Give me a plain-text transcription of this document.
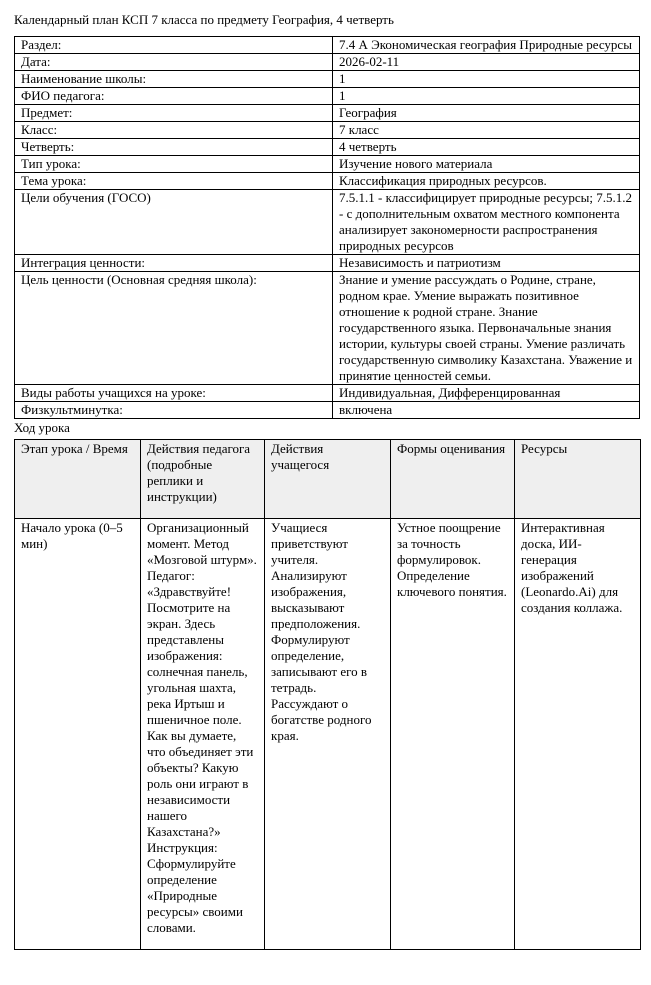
Календарный план КСП 7 класса по предмету География, 4 четверть
Раздел:	7.4 А Экономическая география Природные ресурсы
Дата:	2026-02-11
Наименование школы:	1
ФИО педагога:	1
Предмет:	География
Класс:	7 класс
Четверть:	4 четверть
Тип урока:	Изучение нового материала
Тема урока:	Классификация природных ресурсов.
Цели обучения (ГОСО)	7.5.1.1 - классифицирует природные ресурсы; 7.5.1.2 - с дополнительным охватом местного компонента анализирует закономерности распространения природных ресурсов
Интеграция ценности:	Независимость и патриотизм
Цель ценности (Основная средняя школа):	Знание и умение рассуждать о Родине, стране, родном крае. Умение выражать позитивное отношение к родной стране. Знание государственного языка. Первоначальные знания истории, культуры своей страны. Умение различать государственную символику Казахстана. Уважение и принятие ценностей семьи.
Виды работы учащихся на уроке:	Индивидуальная, Дифференцированная
Физкультминутка:	включена
Ход урока
Этап урока / Время	Действия педагога (подробные реплики и инструкции)	Действия учащегося	Формы оценивания	Ресурсы
Начало урока (0–5 мин)	Организационный момент. Метод «Мозговой штурм». Педагог: «Здравствуйте! Посмотрите на экран. Здесь представлены изображения: солнечная панель, угольная шахта, река Иртыш и пшеничное поле. Как вы думаете, что объединяет эти объекты? Какую роль они играют в независимости нашего Казахстана?» Инструкция: Сформулируйте определение «Природные ресурсы» своими словами.	Учащиеся приветствуют учителя. Анализируют изображения, высказывают предположения. Формулируют определение, записывают его в тетрадь. Рассуждают о богатстве родного края.	Устное поощрение за точность формулировок. Определение ключевого понятия.	Интерактивная доска, ИИ-генерация изображений (Leonardo.Ai) для создания коллажа.
